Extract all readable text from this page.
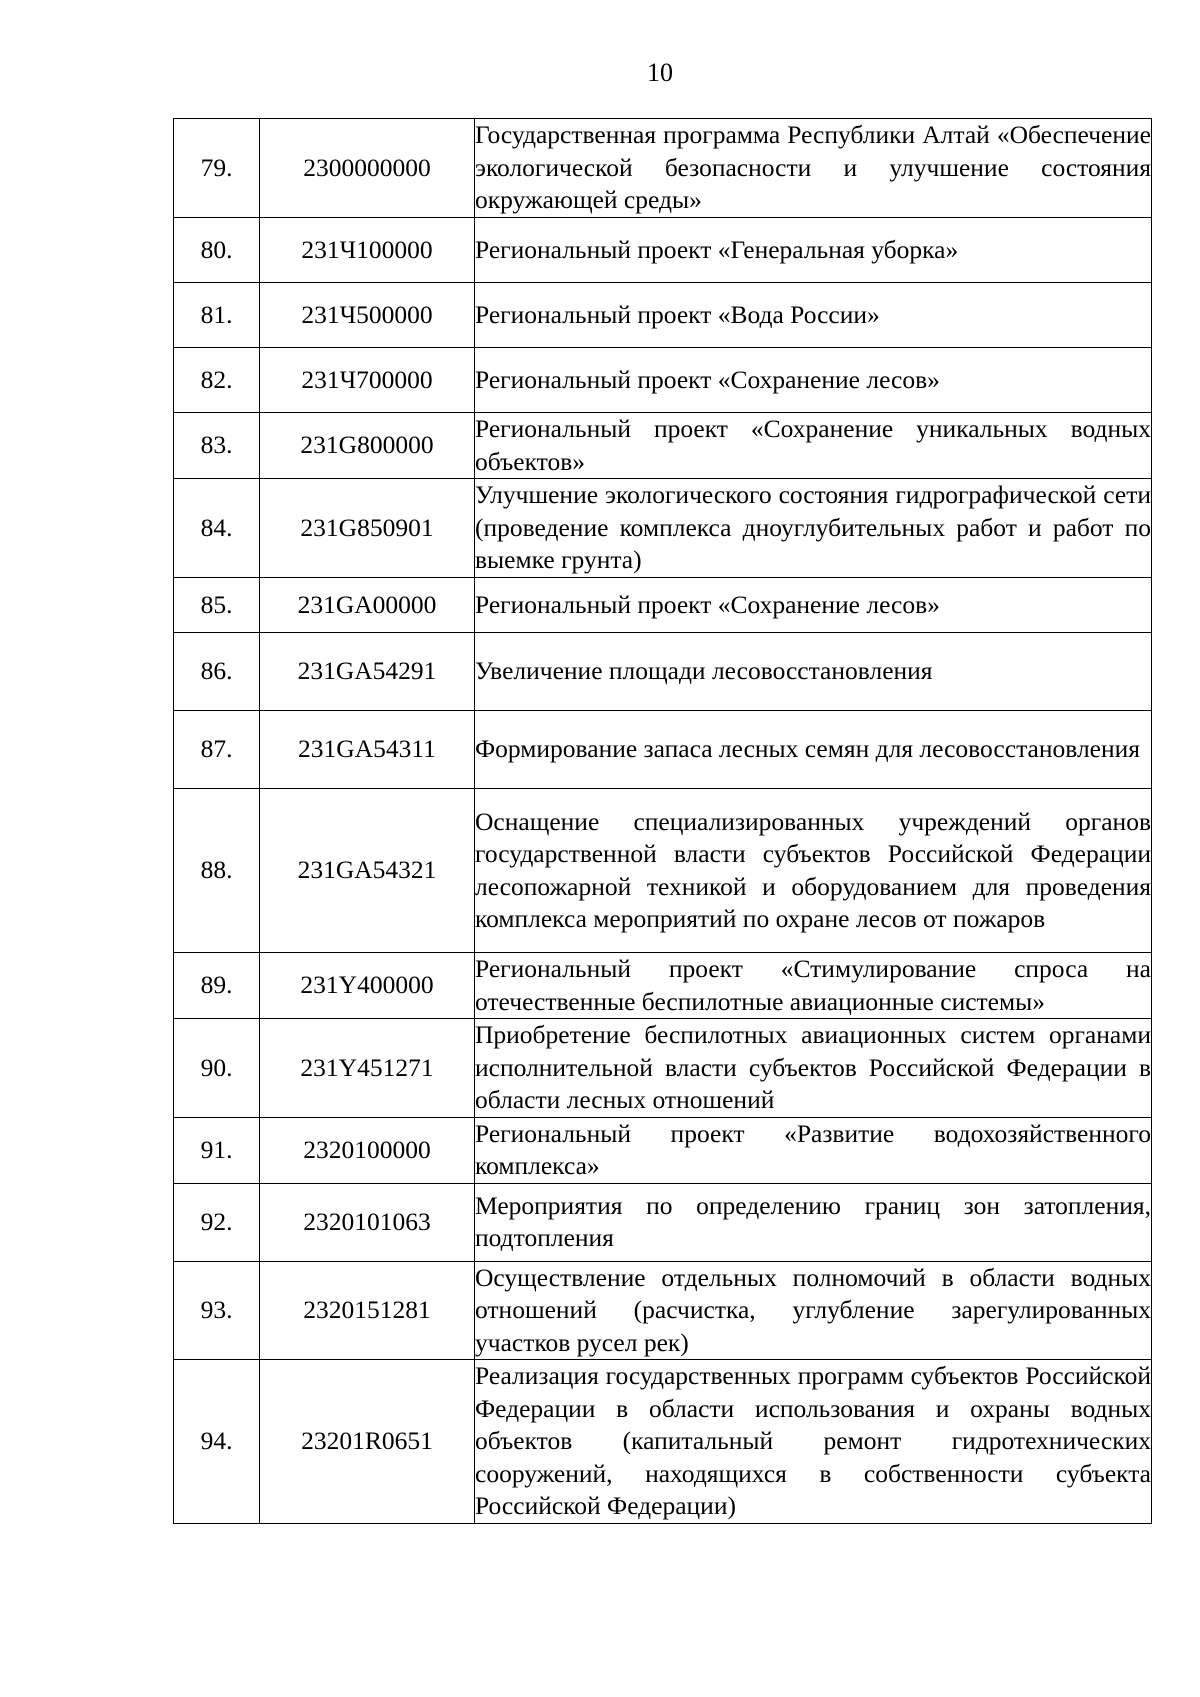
10
79.	2300000000	Государственная программа Республики Алтай «Обеспечение экологической безопасности и улучшение состояния окружающей среды»
80.	231Ч100000	Региональный проект «Генеральная уборка»
81.	231Ч500000	Региональный проект «Вода России»
82.	231Ч700000	Региональный проект «Сохранение лесов»
83.	231G800000	Региональный проект «Сохранение уникальных водных объектов»
84.	231G850901	Улучшение экологического состояния гидрографической сети (проведение комплекса дноуглубительных работ и работ по выемке грунта)
85.	231GA00000	Региональный проект «Сохранение лесов»
86.	231GA54291	Увеличение площади лесовосстановления
87.	231GA54311	Формирование запаса лесных семян для лесовосстановления
88.	231GA54321	Оснащение специализированных учреждений органов государственной власти субъектов Российской Федерации лесопожарной техникой и оборудованием для проведения комплекса мероприятий по охране лесов от пожаров
89.	231Y400000	Региональный проект «Стимулирование спроса на отечественные беспилотные авиационные системы»
90.	231Y451271	Приобретение беспилотных авиационных систем органами исполнительной власти субъектов Российской Федерации в области лесных отношений
91.	2320100000	Региональный проект «Развитие водохозяйственного комплекса»
92.	2320101063	Мероприятия по определению границ зон затопления, подтопления
93.	2320151281	Осуществление отдельных полномочий в области водных отношений (расчистка, углубление зарегулированных участков русел рек)
94.	23201R0651	Реализация государственных программ субъектов Российской Федерации в области использования и охраны водных объектов (капитальный ремонт гидротехнических сооружений, находящихся в собственности субъекта Российской Федерации)
